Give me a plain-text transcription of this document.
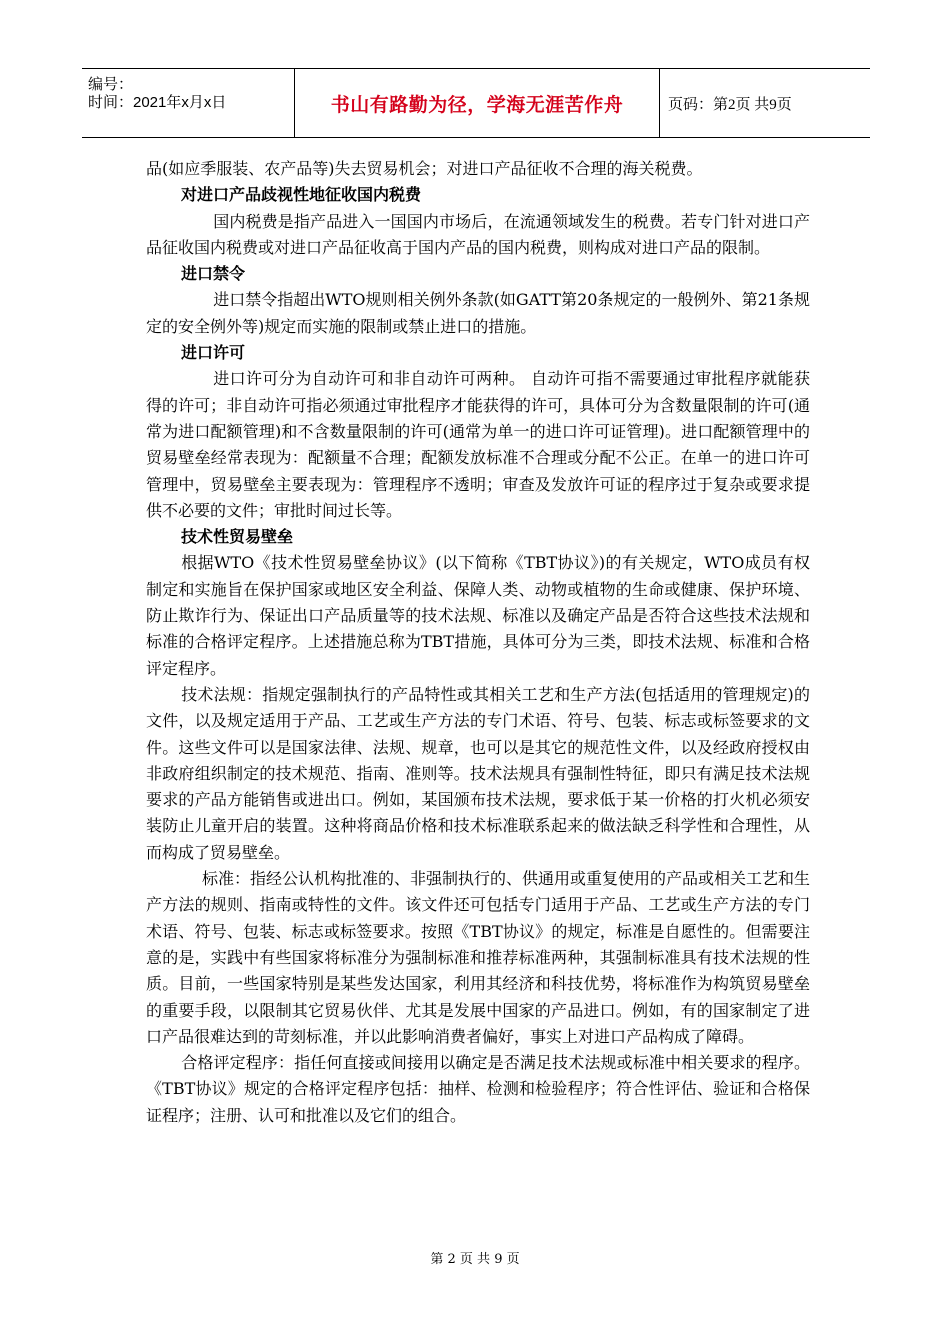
编号：
时间：2021年x月x日	书山有路勤为径，学海无涯苦作舟	页码：第2页 共9页

品(如应季服装、农产品等)失去贸易机会；对进口产品征收不合理的海关税费。

对进口产品歧视性地征收国内税费

国内税费是指产品进入一国国内市场后，在流通领域发生的税费。若专门针对进口产品征收国内税费或对进口产品征收高于国内产品的国内税费，则构成对进口产品的限制。

进口禁令

进口禁令指超出WTO规则相关例外条款(如GATT第20条规定的一般例外、第21条规定的安全例外等)规定而实施的限制或禁止进口的措施。

进口许可

进口许可分为自动许可和非自动许可两种。 自动许可指不需要通过审批程序就能获得的许可；非自动许可指必须通过审批程序才能获得的许可，具体可分为含数量限制的许可(通常为进口配额管理)和不含数量限制的许可(通常为单一的进口许可证管理)。进口配额管理中的贸易壁垒经常表现为：配额量不合理；配额发放标准不合理或分配不公正。在单一的进口许可管理中，贸易壁垒主要表现为：管理程序不透明；审查及发放许可证的程序过于复杂或要求提供不必要的文件；审批时间过长等。

技术性贸易壁垒

根据WTO《技术性贸易壁垒协议》(以下简称《TBT协议》)的有关规定，WTO成员有权制定和实施旨在保护国家或地区安全利益、保障人类、动物或植物的生命或健康、保护环境、防止欺诈行为、保证出口产品质量等的技术法规、标准以及确定产品是否符合这些技术法规和标准的合格评定程序。上述措施总称为TBT措施，具体可分为三类，即技术法规、标准和合格评定程序。

技术法规：指规定强制执行的产品特性或其相关工艺和生产方法(包括适用的管理规定)的文件，以及规定适用于产品、工艺或生产方法的专门术语、符号、包装、标志或标签要求的文件。这些文件可以是国家法律、法规、规章，也可以是其它的规范性文件，以及经政府授权由非政府组织制定的技术规范、指南、准则等。技术法规具有强制性特征，即只有满足技术法规要求的产品方能销售或进出口。例如，某国颁布技术法规，要求低于某一价格的打火机必须安装防止儿童开启的装置。这种将商品价格和技术标准联系起来的做法缺乏科学性和合理性，从而构成了贸易壁垒。

标准：指经公认机构批准的、非强制执行的、供通用或重复使用的产品或相关工艺和生产方法的规则、指南或特性的文件。该文件还可包括专门适用于产品、工艺或生产方法的专门术语、符号、包装、标志或标签要求。按照《TBT协议》的规定，标准是自愿性的。但需要注意的是，实践中有些国家将标准分为强制标准和推荐标准两种，其强制标准具有技术法规的性质。目前，一些国家特别是某些发达国家，利用其经济和科技优势，将标准作为构筑贸易壁垒的重要手段，以限制其它贸易伙伴、尤其是发展中国家的产品进口。例如，有的国家制定了进口产品很难达到的苛刻标准，并以此影响消费者偏好，事实上对进口产品构成了障碍。

合格评定程序：指任何直接或间接用以确定是否满足技术法规或标准中相关要求的程序。《TBT协议》规定的合格评定程序包括：抽样、检测和检验程序；符合性评估、验证和合格保证程序；注册、认可和批准以及它们的组合。

第 2 页 共 9 页
